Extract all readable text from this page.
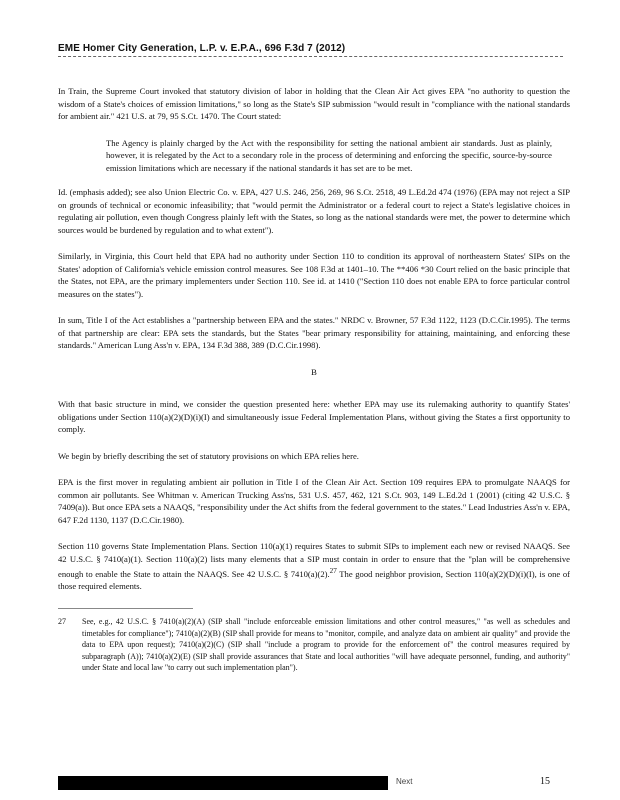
EME Homer City Generation, L.P. v. E.P.A., 696 F.3d 7 (2012)

In Train, the Supreme Court invoked that statutory division of labor in holding that the Clean Air Act gives EPA "no authority to question the wisdom of a State's choices of emission limitations," so long as the State's SIP submission "would result in "compliance with the national standards for ambient air." 421 U.S. at 79, 95 S.Ct. 1470. The Court stated:

The Agency is plainly charged by the Act with the responsibility for setting the national ambient air standards. Just as plainly, however, it is relegated by the Act to a secondary role in the process of determining and enforcing the specific, source-by-source emission limitations which are necessary if the national standards it has set are to be met.

Id. (emphasis added); see also Union Electric Co. v. EPA, 427 U.S. 246, 256, 269, 96 S.Ct. 2518, 49 L.Ed.2d 474 (1976) (EPA may not reject a SIP on grounds of technical or economic infeasibility; that "would permit the Administrator or a federal court to reject a State's legislative choices in regulating air pollution, even though Congress plainly left with the States, so long as the national standards were met, the power to determine which sources would be burdened by regulation and to what extent").

Similarly, in Virginia, this Court held that EPA had no authority under Section 110 to condition its approval of northeastern States' SIPs on the States' adoption of California's vehicle emission control measures. See 108 F.3d at 1401–10. The **406 *30 Court relied on the basic principle that the States, not EPA, are the primary implementers under Section 110. See id. at 1410 ("Section 110 does not enable EPA to force particular control measures on the states").

In sum, Title I of the Act establishes a "partnership between EPA and the states." NRDC v. Browner, 57 F.3d 1122, 1123 (D.C.Cir.1995). The terms of that partnership are clear: EPA sets the standards, but the States "bear primary responsibility for attaining, maintaining, and enforcing these standards." American Lung Ass'n v. EPA, 134 F.3d 388, 389 (D.C.Cir.1998).

B

With that basic structure in mind, we consider the question presented here: whether EPA may use its rulemaking authority to quantify States' obligations under Section 110(a)(2)(D)(i)(I) and simultaneously issue Federal Implementation Plans, without giving the States a first opportunity to comply.

We begin by briefly describing the set of statutory provisions on which EPA relies here.

EPA is the first mover in regulating ambient air pollution in Title I of the Clean Air Act. Section 109 requires EPA to promulgate NAAQS for common air pollutants. See Whitman v. American Trucking Ass'ns, 531 U.S. 457, 462, 121 S.Ct. 903, 149 L.Ed.2d 1 (2001) (citing 42 U.S.C. § 7409(a)). But once EPA sets a NAAQS, "responsibility under the Act shifts from the federal government to the states." Lead Industries Ass'n v. EPA, 647 F.2d 1130, 1137 (D.C.Cir.1980).

Section 110 governs State Implementation Plans. Section 110(a)(1) requires States to submit SIPs to implement each new or revised NAAQS. See 42 U.S.C. § 7410(a)(1). Section 110(a)(2) lists many elements that a SIP must contain in order to ensure that the "plan will be comprehensive enough to enable the State to attain the NAAQS. See 42 U.S.C. § 7410(a)(2).$^{27}$ The good neighbor provision, Section 110(a)(2)(D)(i)(I), is one of those required elements.

27 See, e.g., 42 U.S.C. § 7410(a)(2)(A) (SIP shall "include enforceable emission limitations and other control measures," "as well as schedules and timetables for compliance"); 7410(a)(2)(B) (SIP shall provide for means to "monitor, compile, and analyze data on ambient air quality" and provide the data to EPA upon request); 7410(a)(2)(C) (SIP shall "include a program to provide for the enforcement of" the control measures required by subparagraph (A)); 7410(a)(2)(E) (SIP shall provide assurances that State and local authorities "will have adequate personnel, funding, and authority" under State and local law "to carry out such implementation plan").
Next	15
